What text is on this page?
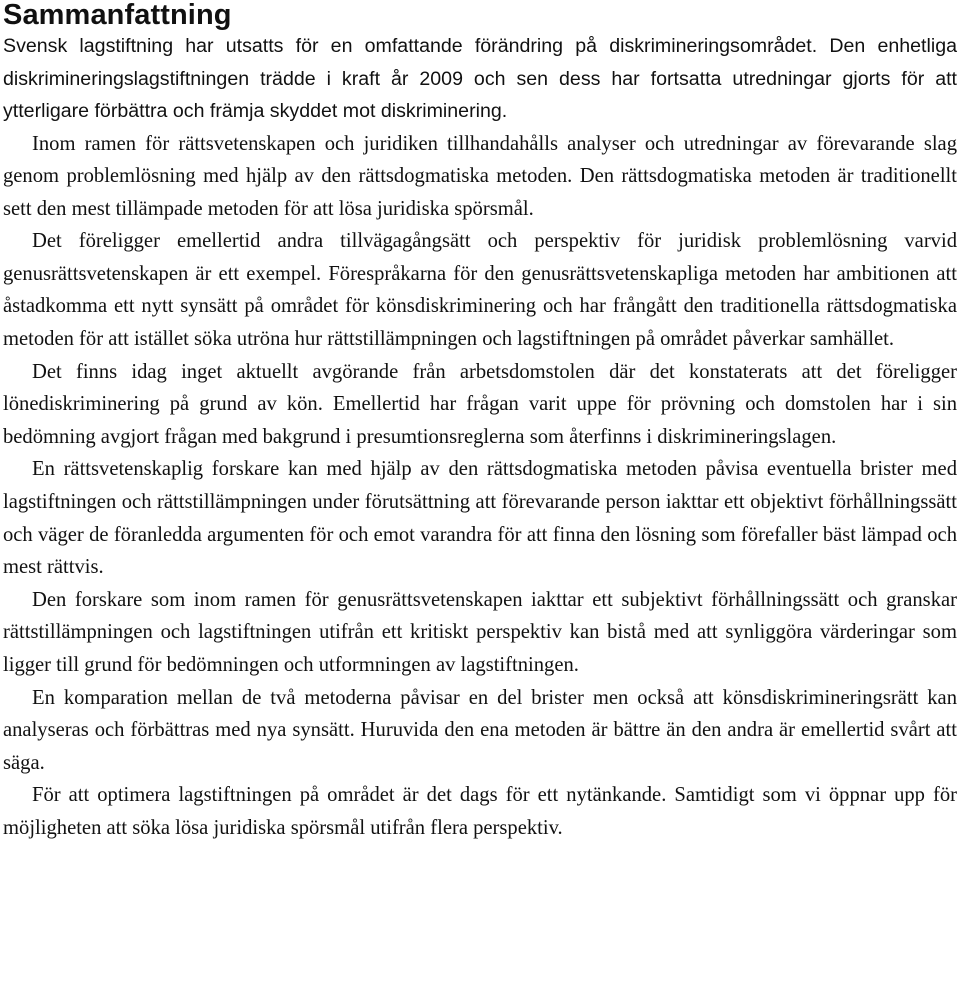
Sammanfattning

Svensk lagstiftning har utsatts för en omfattande förändring på diskrimineringsområdet. Den enhetliga diskrimineringslagstiftningen trädde i kraft år 2009 och sen dess har fortsatta utredningar gjorts för att ytterligare förbättra och främja skyddet mot diskriminering.

Inom ramen för rättsvetenskapen och juridiken tillhandahålls analyser och utredningar av förevarande slag genom problemlösning med hjälp av den rättsdogmatiska metoden. Den rättsdogmatiska metoden är traditionellt sett den mest tillämpade metoden för att lösa juridiska spörsmål.

Det föreligger emellertid andra tillvägagångsätt och perspektiv för juridisk problemlösning varvid genusrättsvetenskapen är ett exempel. Förespråkarna för den genusrättsvetenskapliga metoden har ambitionen att åstadkomma ett nytt synsätt på området för könsdiskriminering och har frångått den traditionella rättsdogmatiska metoden för att istället söka utröna hur rättstillämpningen och lagstiftningen på området påverkar samhället.

Det finns idag inget aktuellt avgörande från arbetsdomstolen där det konstaterats att det föreligger lönediskriminering på grund av kön. Emellertid har frågan varit uppe för prövning och domstolen har i sin bedömning avgjort frågan med bakgrund i presumtionsreglerna som återfinns i diskrimineringslagen.

En rättsvetenskaplig forskare kan med hjälp av den rättsdogmatiska metoden påvisa eventuella brister med lagstiftningen och rättstillämpningen under förutsättning att förevarande person iakttar ett objektivt förhållningssätt och väger de föranledda argumenten för och emot varandra för att finna den lösning som förefaller bäst lämpad och mest rättvis.

Den forskare som inom ramen för genusrättsvetenskapen iakttar ett subjektivt förhållningssätt och granskar rättstillämpningen och lagstiftningen utifrån ett kritiskt perspektiv kan bistå med att synliggöra värderingar som ligger till grund för bedömningen och utformningen av lagstiftningen.

En komparation mellan de två metoderna påvisar en del brister men också att könsdiskrimineringsrätt kan analyseras och förbättras med nya synsätt. Huruvida den ena metoden är bättre än den andra är emellertid svårt att säga.

För att optimera lagstiftningen på området är det dags för ett nytänkande. Samtidigt som vi öppnar upp för möjligheten att söka lösa juridiska spörsmål utifrån flera perspektiv.
